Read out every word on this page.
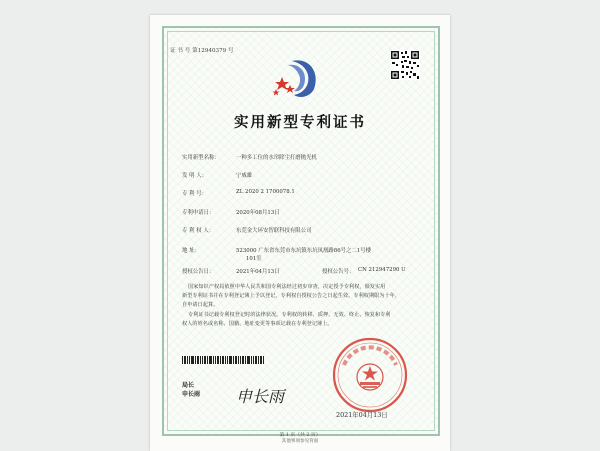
证 书 号 第12940379 号
实用新型专利证书
实用新型名称：	一种多工位的水帘除尘打磨抛光机
发 明 人：	宁威雄
专 利 号：	ZL 2020 2 1700078.1
专利申请日：	2020年08月13日
专 利 权 人：	东莞金大环安智联科技有限公司
地 址：	523000 广东省东莞市东坑镇东坑凤凰路86号之二1号楼
101室
授权公告日：	2021年04月13日	授权公告号： CN 212947290 U
国家知识产权局依照中华人民共和国专利法经过初步审查，决定授予专利权，颁发实用
新型专利证书并在专利登记簿上予以登记。专利权自授权公告之日起生效。专利权期限为十年，
自申请日起算。
专利证书记载专利权登记时的法律状况。专利权的转移、质押、无效、终止、恢复和专利
权人的姓名或名称、国籍、地址变更等事项记载在专利登记簿上。
局长
申长雨 申长雨
2021年04月13日
第 1 页（共 2 页）
其他事项参见背面
